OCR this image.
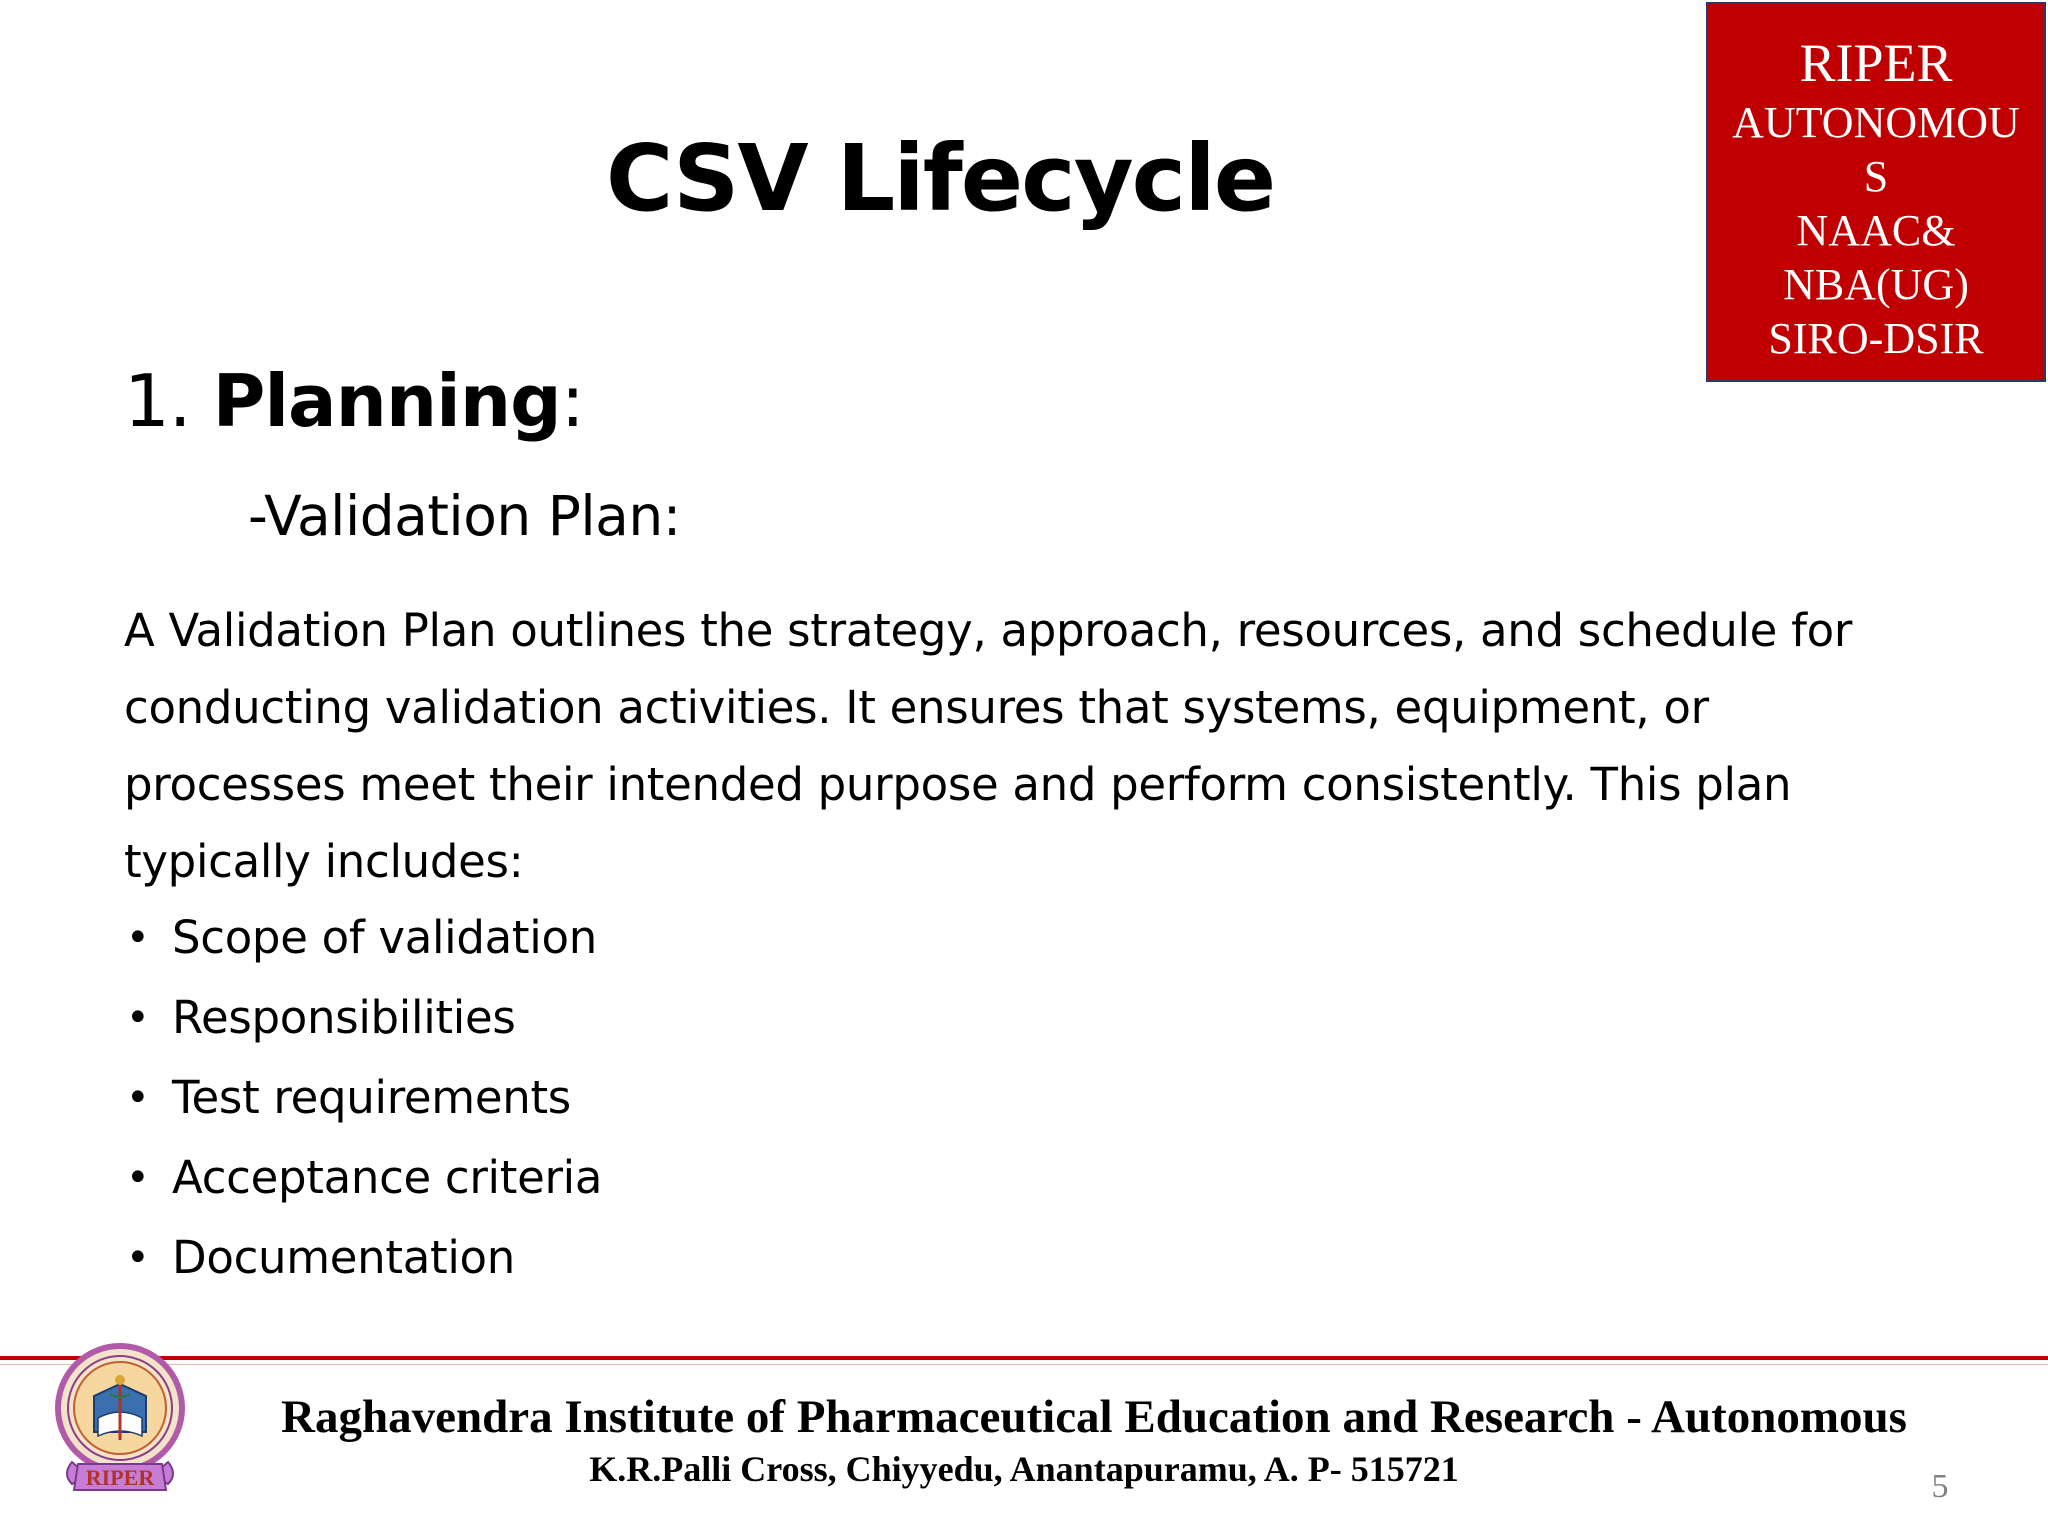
CSV Lifecycle
RIPER
AUTONOMOU
S
NAAC&
NBA(UG)
SIRO-DSIR
1. Planning:
-Validation Plan:
A Validation Plan outlines the strategy, approach, resources, and schedule for conducting validation activities. It ensures that systems, equipment, or processes meet their intended purpose and perform consistently. This plan typically includes:
• Scope of validation
• Responsibilities
• Test requirements
• Acceptance criteria
• Documentation
RIPER
Raghavendra Institute of Pharmaceutical Education and Research - Autonomous
K.R.Palli Cross, Chiyyedu, Anantapuramu, A. P- 515721	5
